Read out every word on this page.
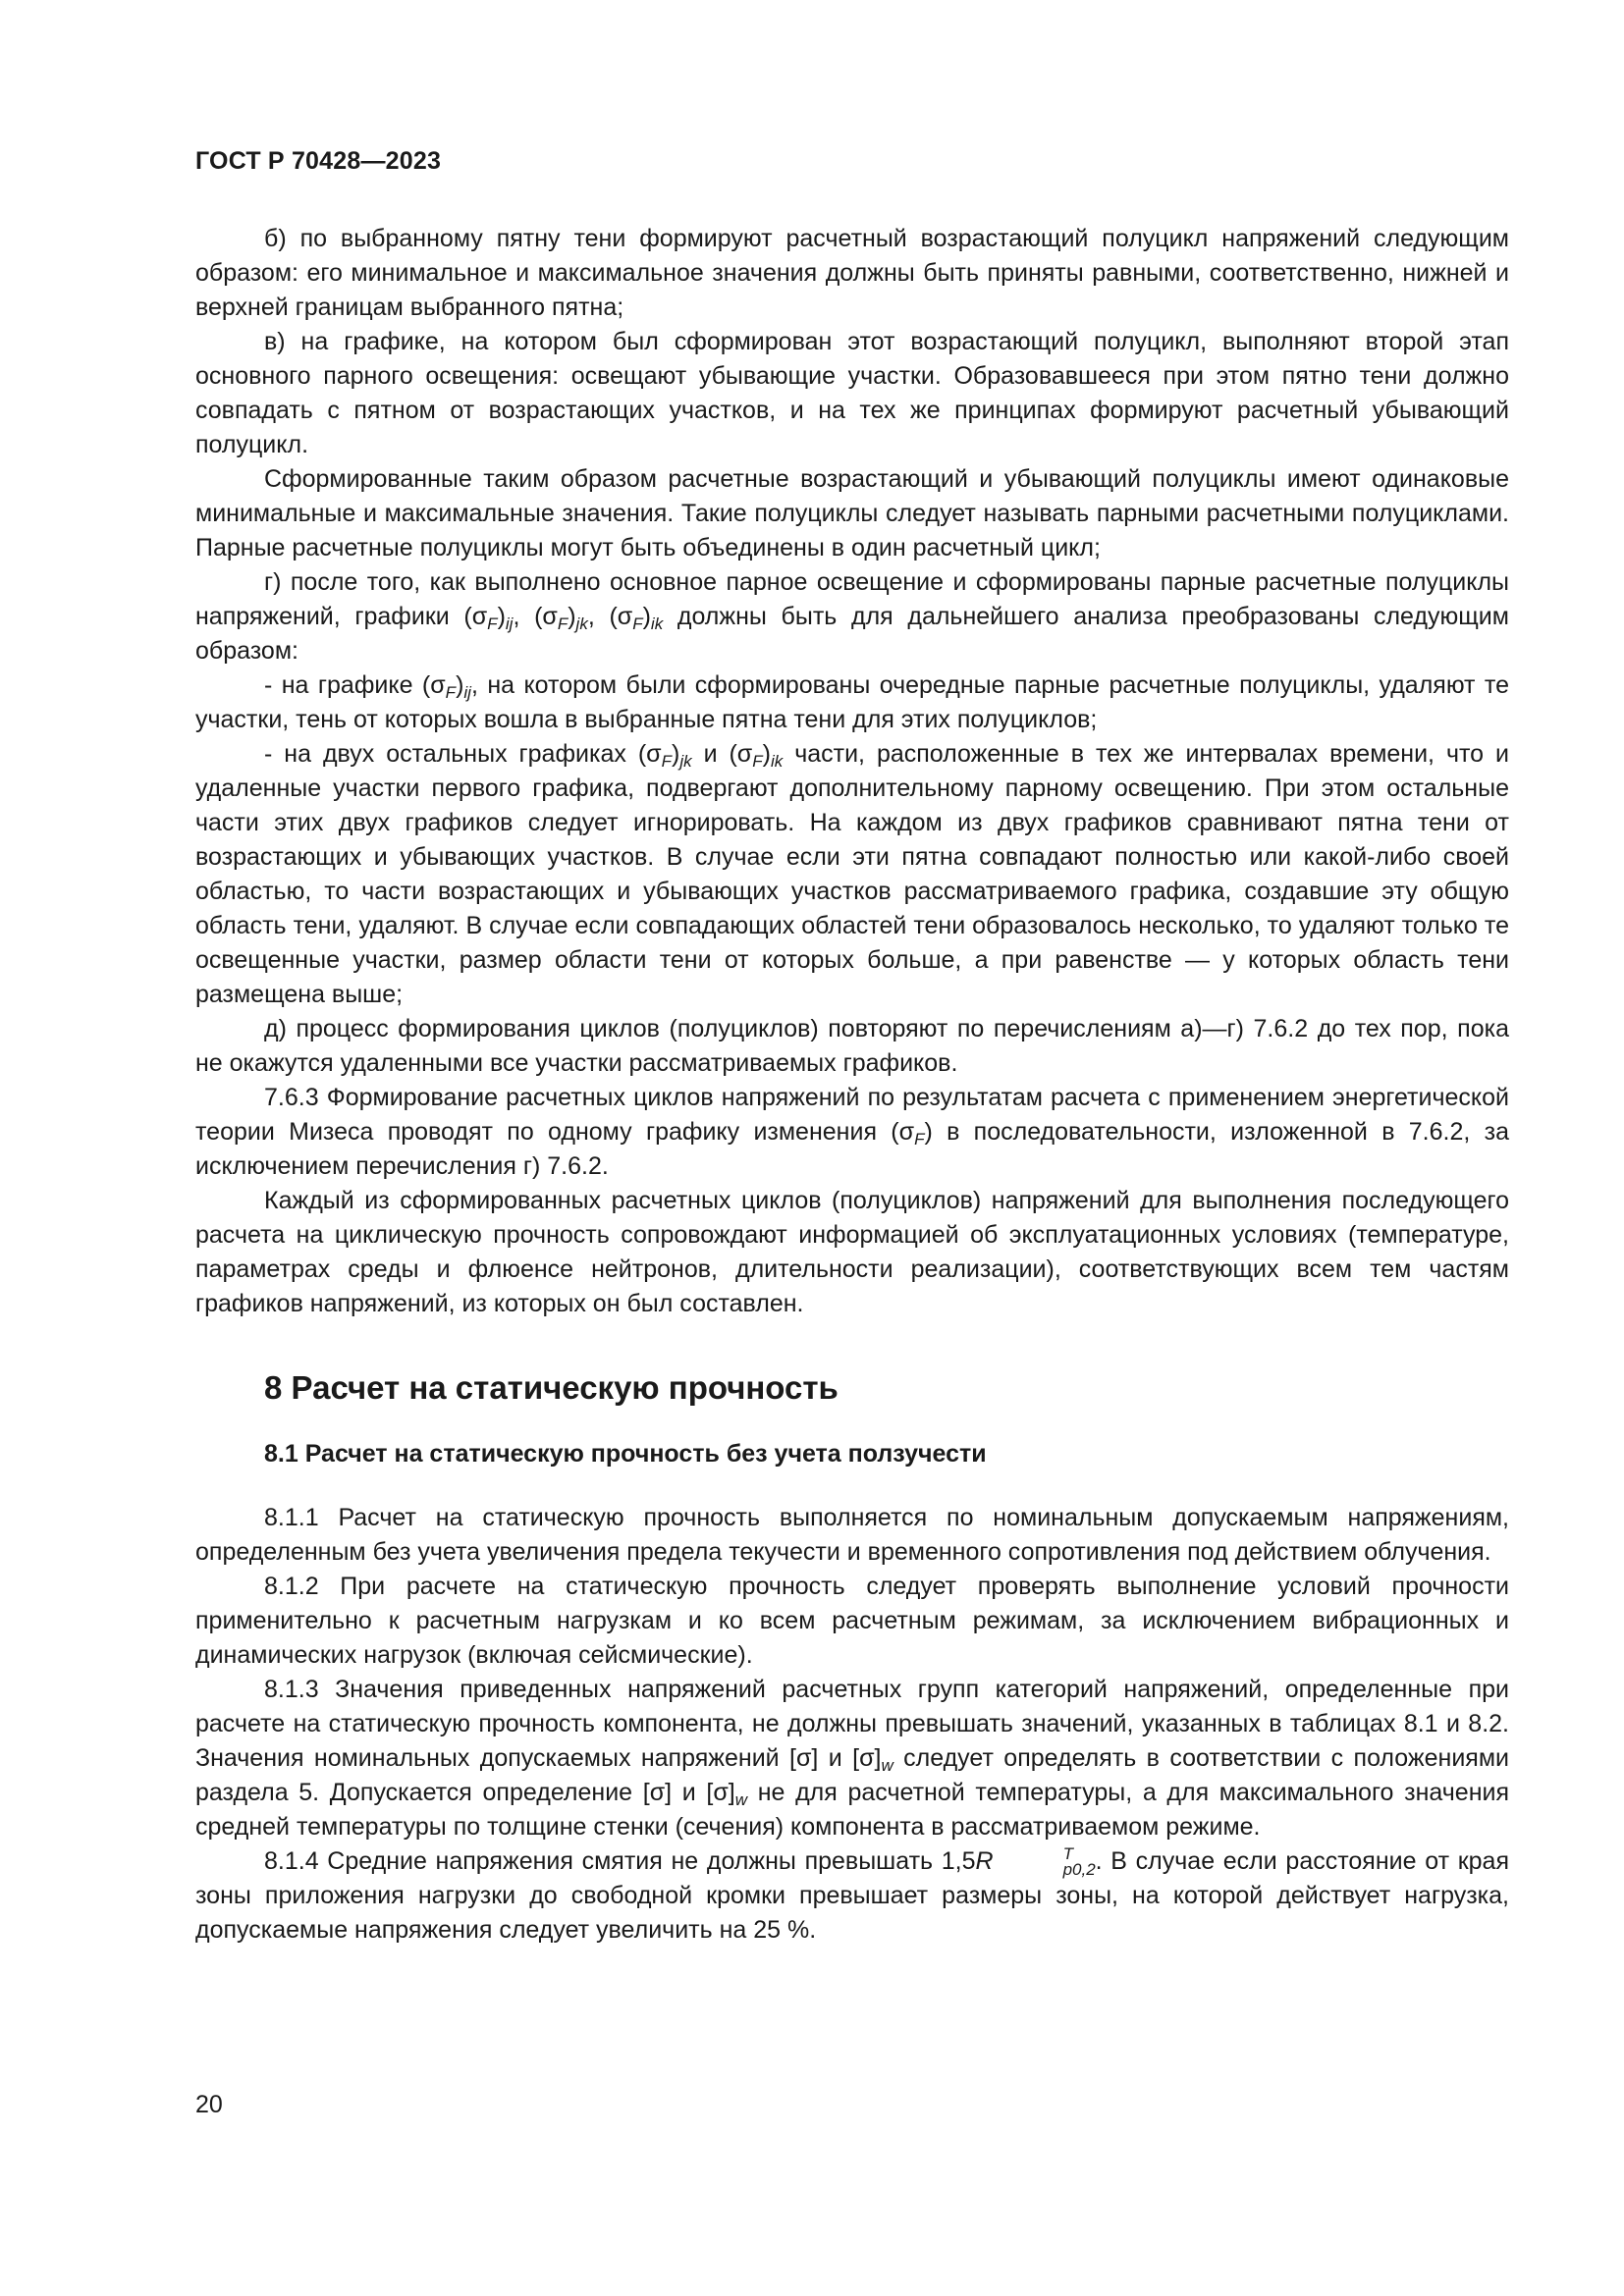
ГОСТ Р 70428—2023

б) по выбранному пятну тени формируют расчетный возрастающий полуцикл напряжений следующим образом: его минимальное и максимальное значения должны быть приняты равными, соответственно, нижней и верхней границам выбранного пятна;

в) на графике, на котором был сформирован этот возрастающий полуцикл, выполняют второй этап основного парного освещения: освещают убывающие участки. Образовавшееся при этом пятно тени должно совпадать с пятном от возрастающих участков, и на тех же принципах формируют расчетный убывающий полуцикл.

Сформированные таким образом расчетные возрастающий и убывающий полуциклы имеют одинаковые минимальные и максимальные значения. Такие полуциклы следует называть парными расчетными полуциклами. Парные расчетные полуциклы могут быть объединены в один расчетный цикл;

г) после того, как выполнено основное парное освещение и сформированы парные расчетные полуциклы напряжений, графики $(\sigma_F)_{ij}$, $(\sigma_F)_{jk}$, $(\sigma_F)_{ik}$ должны быть для дальнейшего анализа преобразованы следующим образом:

- на графике $(\sigma_F)_{ij}$, на котором были сформированы очередные парные расчетные полуциклы, удаляют те участки, тень от которых вошла в выбранные пятна тени для этих полуциклов;

- на двух остальных графиках $(\sigma_F)_{jk}$ и $(\sigma_F)_{ik}$ части, расположенные в тех же интервалах времени, что и удаленные участки первого графика, подвергают дополнительному парному освещению. При этом остальные части этих двух графиков следует игнорировать. На каждом из двух графиков сравнивают пятна тени от возрастающих и убывающих участков. В случае если эти пятна совпадают полностью или какой-либо своей областью, то части возрастающих и убывающих участков рассматриваемого графика, создавшие эту общую область тени, удаляют. В случае если совпадающих областей тени образовалось несколько, то удаляют только те освещенные участки, размер области тени от которых больше, а при равенстве — у которых область тени размещена выше;

д) процесс формирования циклов (полуциклов) повторяют по перечислениям а)—г) 7.6.2 до тех пор, пока не окажутся удаленными все участки рассматриваемых графиков.

7.6.3 Формирование расчетных циклов напряжений по результатам расчета с применением энергетической теории Мизеса проводят по одному графику изменения $(\sigma_F)$ в последовательности, изложенной в 7.6.2, за исключением перечисления г) 7.6.2.

Каждый из сформированных расчетных циклов (полуциклов) напряжений для выполнения последующего расчета на циклическую прочность сопровождают информацией об эксплуатационных условиях (температуре, параметрах среды и флюенсе нейтронов, длительности реализации), соответствующих всем тем частям графиков напряжений, из которых он был составлен.

8 Расчет на статическую прочность
8.1 Расчет на статическую прочность без учета ползучести

8.1.1 Расчет на статическую прочность выполняется по номинальным допускаемым напряжениям, определенным без учета увеличения предела текучести и временного сопротивления под действием облучения.

8.1.2 При расчете на статическую прочность следует проверять выполнение условий прочности применительно к расчетным нагрузкам и ко всем расчетным режимам, за исключением вибрационных и динамических нагрузок (включая сейсмические).

8.1.3 Значения приведенных напряжений расчетных групп категорий напряжений, определенные при расчете на статическую прочность компонента, не должны превышать значений, указанных в таблицах 8.1 и 8.2. Значения номинальных допускаемых напряжений [σ] и $[\sigma]_w$ следует определять в соответствии с положениями раздела 5. Допускается определение [σ] и $[\sigma]_w$ не для расчетной температуры, а для максимального значения средней температуры по толщине стенки (сечения) компонента в рассматриваемом режиме.

8.1.4 Средние напряжения смятия не должны превышать 1,5R	T
p0,2 . В случае если расстояние от края зоны приложения нагрузки до свободной кромки превышает размеры зоны, на которой действует нагрузка, допускаемые напряжения следует увеличить на 25 %.

20
